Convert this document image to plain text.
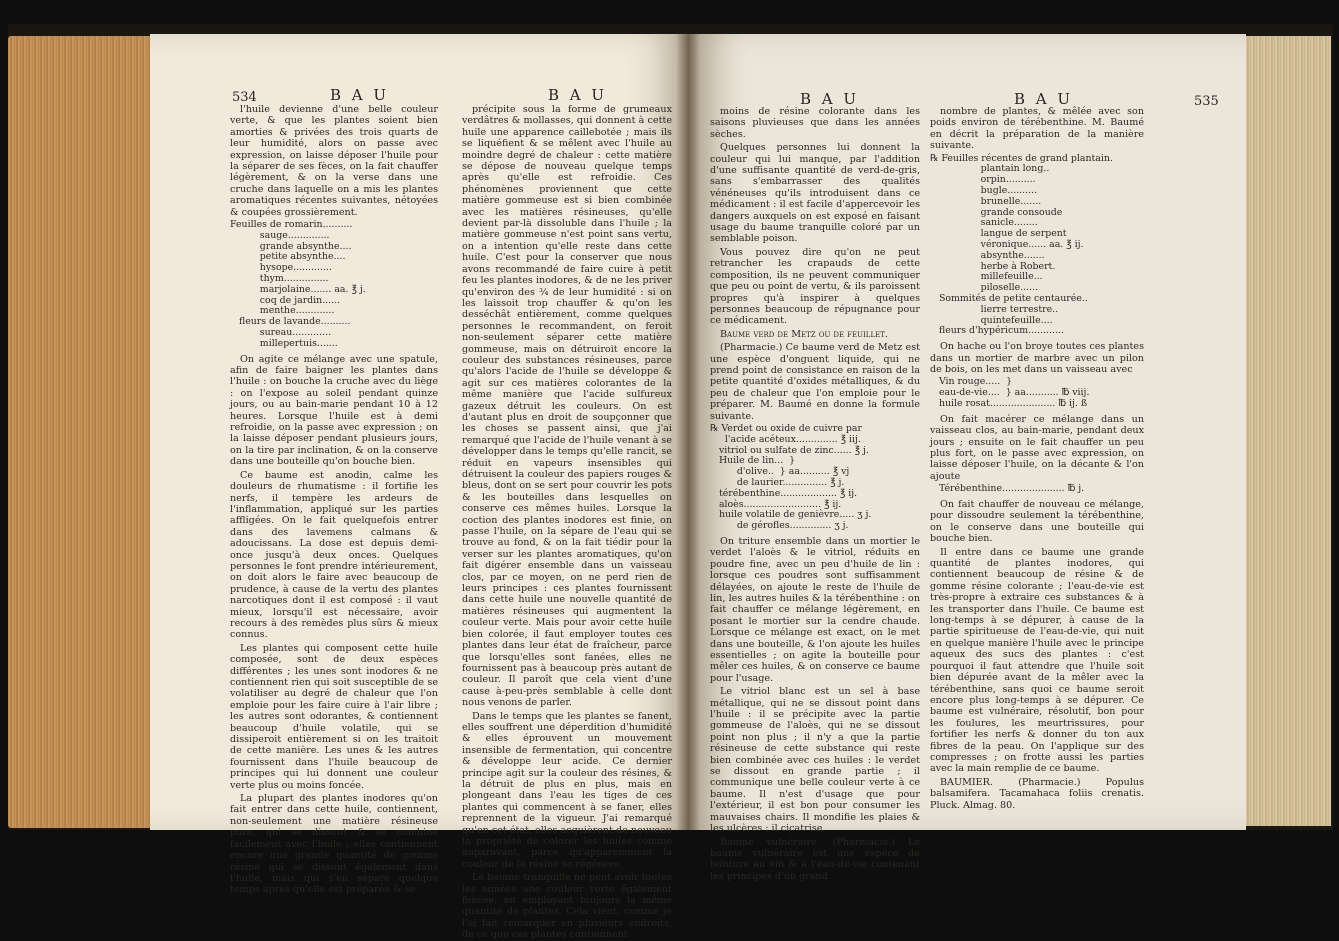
534	B A U	B A U

l'huile devienne d'une belle couleur verte, & que les plantes soient bien amorties & privées des trois quarts de leur humidité, alors on passe avec expression, on laisse déposer l'huile pour la séparer de ses fèces, on la fait chauffer légèrement, & on la verse dans une cruche dans laquelle on a mis les plantes aromatiques récentes suivantes, nétoyées & coupées grossièrement.

Feuilles de romarin..........
sauge..............
grande absynthe....
petite absynthe....
hysope.............
thym...............
marjolaine....... aa. ℥ j.
coq de jardin......
menthe.............
fleurs de lavande..........
sureau.............
millepertuis.......

On agite ce mélange avec une spatule, afin de faire baigner les plantes dans l'huile : on bouche la cruche avec du liège : on l'expose au soleil pendant quinze jours, ou au bain-marie pendant 10 à 12 heures. Lorsque l'huile est à demi refroidie, on la passe avec expression ; on la laisse déposer pendant plusieurs jours, on la tire par inclination, & on la conserve dans une bouteille qu'on bouche bien.

Ce baume est anodin, calme les douleurs de rhumatisme : il fortifie les nerfs, il tempère les ardeurs de l'inflammation, appliqué sur les parties affligées. On le fait quelquefois entrer dans des lavemens calmans & adoucissans. La dose est depuis demi-once jusqu'à deux onces. Quelques personnes le font prendre intérieurement, on doit alors le faire avec beaucoup de prudence, à cause de la vertu des plantes narcotiques dont il est composé : il vaut mieux, lorsqu'il est nécessaire, avoir recours à des remèdes plus sûrs & mieux connus.

Les plantes qui composent cette huile composée, sont de deux espèces différentes ; les unes sont inodores & ne contiennent rien qui soit susceptible de se volatiliser au degré de chaleur que l'on emploie pour les faire cuire à l'air libre ; les autres sont odorantes, & contiennent beaucoup d'huile volatile, qui se dissiperoit entièrement si on les traitoit de cette manière. Les unes & les autres fournissent dans l'huile beaucoup de principes qui lui donnent une couleur verte plus ou moins foncée.

La plupart des plantes inodores qu'on fait entrer dans cette huile, contiennent, non-seulement une matière résineuse pure, qui se dissout & se combine facilement avec l'huile ; elles contiennent encore une grande quantité de gomme résine qui se dissout également dans l'huile, mais qui s'en sépare quelque temps après qu'elle est préparée & se

précipite sous la forme de grumeaux verdâtres & mollasses, qui donnent à cette huile une apparence caillebotée ; mais ils se liquéfient & se mêlent avec l'huile au moindre degré de chaleur : cette matière se dépose de nouveau quelque temps après qu'elle est refroidie. Ces phénomènes proviennent que cette matière gommeuse est si bien combinée avec les matières résineuses, qu'elle devient par-là dissoluble dans l'huile ; la matière gommeuse n'est point sans vertu, on a intention qu'elle reste dans cette huile. C'est pour la conserver que nous avons recommandé de faire cuire à petit feu les plantes inodores, & de ne les priver qu'environ des ¾ de leur humidité : si on les laissoit trop chauffer & qu'on les desséchât entièrement, comme quelques personnes le recommandent, on feroit non-seulement séparer cette matière gommeuse, mais on détruiroit encore la couleur des substances résineuses, parce qu'alors l'acide de l'huile se développe & agit sur ces matières colorantes de la même manière que l'acide sulfureux gazeux détruit les couleurs. On est d'autant plus en droit de soupçonner que les choses se passent ainsi, que j'ai remarqué que l'acide de l'huile venant à se développer dans le temps qu'elle rancit, se réduit en vapeurs insensibles qui détruisent la couleur des papiers rouges & bleus, dont on se sert pour couvrir les pots & les bouteilles dans lesquelles on conserve ces mêmes huiles. Lorsque la coction des plantes inodores est finie, on passe l'huile, on la sépare de l'eau qui se trouve au fond, & on la fait tiédir pour la verser sur les plantes aromatiques, qu'on fait digérer ensemble dans un vaisseau clos, par ce moyen, on ne perd rien de leurs principes : ces plantes fournissent dans cette huile une nouvelle quantité de matières résineuses qui augmentent la couleur verte. Mais pour avoir cette huile bien colorée, il faut employer toutes ces plantes dans leur état de fraîcheur, parce que lorsqu'elles sont fanées, elles ne fournissent pas à beaucoup près autant de couleur. Il paroît que cela vient d'une cause à-peu-près semblable à celle dont nous venons de parler.

Dans le temps que les plantes se fanent, elles souffrent une déperdition d'humidité & elles éprouvent un mouvement insensible de fermentation, qui concentre & développe leur acide. Ce dernier principe agit sur la couleur des résines, & la détruit de plus en plus, mais en plongeant dans l'eau les tiges de ces plantes qui commencent à se faner, elles reprennent de la vigueur. J'ai remarqué qu'en cet état, elles acquièrent de nouveau la propriété de colorer les huiles comme auparavant, parce qu'apparemment la couleur de la résine se régénère.

Le baume tranquille ne peut avoir toutes les années une couleur verte également foncée, en employant toujours la même quantité de plantes. Cela vient, comme je l'ai fait remarquer en plusieurs endroits, de ce que ces plantes contiennent

B A U	B A U	535

moins de résine colorante dans les saisons pluvieuses que dans les années sèches.

Quelques personnes lui donnent la couleur qui lui manque, par l'addition d'une suffisante quantité de verd-de-gris, sans s'embarrasser des qualités vénéneuses qu'ils introduisent dans ce médicament : il est facile d'appercevoir les dangers auxquels on est exposé en faisant usage du baume tranquille coloré par un semblable poison.

Vous pouvez dire qu'on ne peut retrancher les crapauds de cette composition, ils ne peuvent communiquer que peu ou point de vertu, & ils paroissent propres qu'à inspirer à quelques personnes beaucoup de répugnance pour ce médicament.

Baume verd de Metz ou de feuillet.

(Pharmacie.) Ce baume verd de Metz est une espèce d'onguent liquide, qui ne prend point de consistance en raison de la petite quantité d'oxides métalliques, & du peu de chaleur que l'on emploie pour le préparer. M. Baumé en donne la formule suivante.

℞ Verdet ou oxide de cuivre par
l'acide acéteux.............. ℥ iij.
vitriol ou sulfate de zinc...... ℥ j.
Huile de lin...  }
d'olive..  } aa.......... ℥ vj
de laurier............... ℥ j.
térébenthine................... ℥ ij.
aloès.......................... ℥ ij.
huile volatile de genièvre..... ʒ j.
de gérofles.............. ʒ j.

On triture ensemble dans un mortier le verdet l'aloès & le vitriol, réduits en poudre fine, avec un peu d'huile de lin : lorsque ces poudres sont suffisamment délayées, on ajoute le reste de l'huile de lin, les autres huiles & la térébenthine : on fait chauffer ce mélange légèrement, en posant le mortier sur la cendre chaude. Lorsque ce mélange est exact, on le met dans une bouteille, & l'on ajoute les huiles essentielles ; on agite la bouteille pour mêler ces huiles, & on conserve ce baume pour l'usage.

Le vitriol blanc est un sel à base métallique, qui ne se dissout point dans l'huile : il se précipite avec la partie gommeuse de l'aloès, qui ne se dissout point non plus ; il n'y a que la partie résineuse de cette substance qui reste bien combinée avec ces huiles : le verdet se dissout en grande partie ; il communique une belle couleur verte à ce baume. Il n'est d'usage que pour l'extérieur, il est bon pour consumer les mauvaises chairs. Il mondifie les plaies & les ulcères ; il cicatrise.

Baume vulnéraire. (Pharmacie.) Le baume vulnéraire est une espèce de teinture au vin & à l'eau-de-vie contenant les principes d'un grand

nombre de plantes, & mêlée avec son poids environ de térébenthine. M. Baumé en décrit la préparation de la manière suivante.

℞ Feuilles récentes de grand plantain.
plantain long..
orpin..........
bugle..........
brunelle.......
grande consoude
sanicle........
langue de serpent
véronique...... aa. ℥ ij.
absynthe.......
herbe à Robert.
millefeuille...
piloselle......
Sommités de petite centaurée..
lierre terrestre..
quintefeuille....
fleurs d'hypéricum............

On hache ou l'on broye toutes ces plantes dans un mortier de marbre avec un pilon de bois, on les met dans un vaisseau avec

Vin rouge.....  }
eau-de-vie....  } aa........... ℔ viij.
huile rosat...................... ℔ ij. ß

On fait macérer ce mélange dans un vaisseau clos, au bain-marie, pendant deux jours ; ensuite on le fait chauffer un peu plus fort, on le passe avec expression, on laisse déposer l'huile, on la décante & l'on ajoute

Térébenthine..................... ℔ j.

On fait chauffer de nouveau ce mélange, pour dissoudre seulement la térébenthine, on le conserve dans une bouteille qui bouche bien.

Il entre dans ce baume une grande quantité de plantes inodores, qui contiennent beaucoup de résine & de gomme résine colorante ; l'eau-de-vie est très-propre à extraire ces substances & à les transporter dans l'huile. Ce baume est long-temps à se dépurer, à cause de la partie spiritueuse de l'eau-de-vie, qui nuit en quelque manière l'huile avec le principe aqueux des sucs des plantes : c'est pourquoi il faut attendre que l'huile soit bien dépurée avant de la mêler avec la térébenthine, sans quoi ce baume seroit encore plus long-temps à se dépurer. Ce baume est vulnéraire, résolutif, bon pour les foulures, les meurtrissures, pour fortifier les nerfs & donner du ton aux fibres de la peau. On l'applique sur des compresses ; on frotte aussi les parties avec la main remplie de ce baume.

BAUMIER. (Pharmacie.) Populus balsamifera. Tacamahaca foliis crenatis. Pluck. Almag. 80.
